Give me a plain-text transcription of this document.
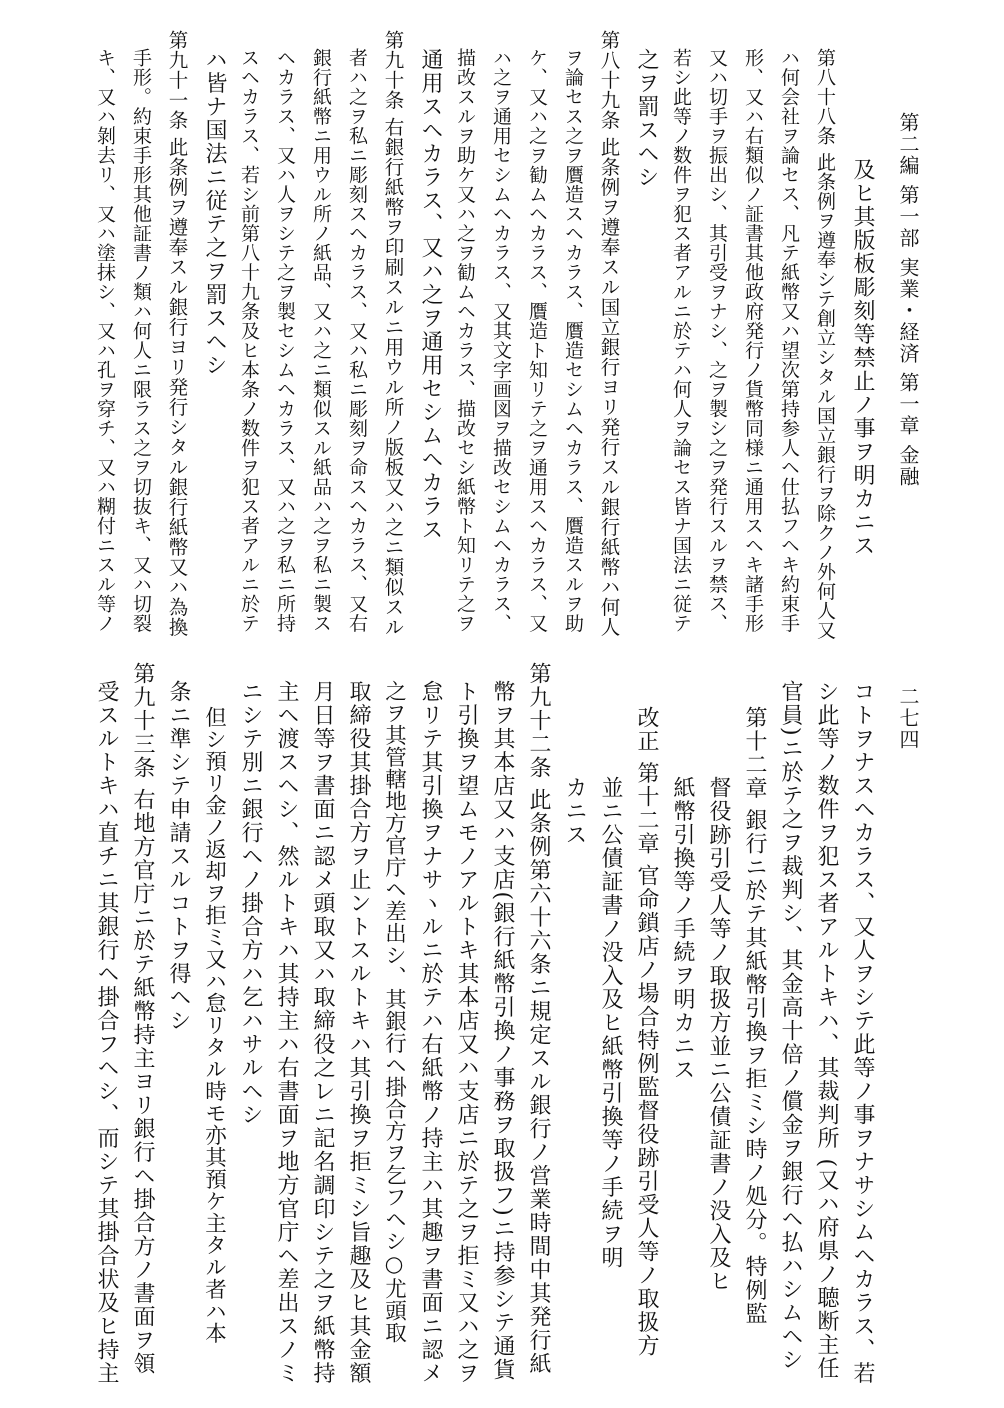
第二編 第一部 実業・経済 第一章 金融
二七四
及ヒ其版板彫刻等禁止ノ事ヲ明カニス
第八十八条 此条例ヲ遵奉シテ創立シタル国立銀行ヲ除クノ外何人又
ハ何会社ヲ論セス、凡テ紙幣又ハ望次第持参人ヘ仕払フヘキ約束手
形、又ハ右類似ノ証書其他政府発行ノ貨幣同様ニ通用スヘキ諸手形
又ハ切手ヲ振出シ、其引受ヲナシ、之ヲ製シ之ヲ発行スルヲ禁ス、
若シ此等ノ数件ヲ犯ス者アルニ於テハ何人ヲ論セス皆ナ国法ニ従テ
之ヲ罰スヘシ
第八十九条 此条例ヲ遵奉スル国立銀行ヨリ発行スル銀行紙幣ハ何人
ヲ論セス之ヲ贋造スヘカラス、贋造セシムヘカラス、贋造スルヲ助
ケ、又ハ之ヲ勧ムヘカラス、贋造ト知リテ之ヲ通用スヘカラス、又
ハ之ヲ通用セシムヘカラス、又其文字画図ヲ描改セシムヘカラス、
描改スルヲ助ケ又ハ之ヲ勧ムヘカラス、描改セシ紙幣ト知リテ之ヲ
通用スヘカラス、又ハ之ヲ通用セシムヘカラス
第九十条 右銀行紙幣ヲ印刷スルニ用ウル所ノ版板又ハ之ニ類似スル
者ハ之ヲ私ニ彫刻スヘカラス、又ハ私ニ彫刻ヲ命スヘカラス、又右
銀行紙幣ニ用ウル所ノ紙品、又ハ之ニ類似スル紙品ハ之ヲ私ニ製ス
ヘカラス、又ハ人ヲシテ之ヲ製セシムヘカラス、又ハ之ヲ私ニ所持
スヘカラス、若シ前第八十九条及ヒ本条ノ数件ヲ犯ス者アルニ於テ
ハ皆ナ国法ニ従テ之ヲ罰スヘシ
第九十一条 此条例ヲ遵奉スル銀行ヨリ発行シタル銀行紙幣又ハ為換
手形。約束手形其他証書ノ類ハ何人ニ限ラス之ヲ切抜キ、又ハ切裂
キ、又ハ剝去リ、又ハ塗抹シ、又ハ孔ヲ穿チ、又ハ糊付ニスル等ノ
コトヲナスヘカラス、又人ヲシテ此等ノ事ヲナサシムヘカラス、若
シ此等ノ数件ヲ犯ス者アルトキハ、其裁判所 (又ハ府県ノ聴断主任
官員)ニ於テ之ヲ裁判シ、其金高十倍ノ償金ヲ銀行ヘ払ハシムヘシ
第十二章 銀行ニ於テ其紙幣引換ヲ拒ミシ時ノ処分。特例監
督役跡引受人等ノ取扱方並ニ公債証書ノ没入及ヒ
紙幣引換等ノ手続ヲ明カニス
改正 第十二章 官命鎖店ノ場合特例監督役跡引受人等ノ取扱方
並ニ公債証書ノ没入及ヒ紙幣引換等ノ手続ヲ明
カニス
第九十二条 此条例第六十六条ニ規定スル銀行ノ営業時間中其発行紙
幣ヲ其本店又ハ支店(銀行紙幣引換ノ事務ヲ取扱フ)ニ持参シテ通貨
ト引換ヲ望ムモノアルトキ其本店又ハ支店ニ於テ之ヲ拒ミ又ハ之ヲ
怠リテ其引換ヲナサヽルニ於テハ右紙幣ノ持主ハ其趣ヲ書面ニ認メ
之ヲ其管轄地方官庁ヘ差出シ、其銀行ヘ掛合方ヲ乞フヘシ○尤頭取
取締役其掛合方ヲ止ントスルトキハ其引換ヲ拒ミシ旨趣及ヒ其金額
月日等ヲ書面ニ認メ頭取又ハ取締役之レニ記名調印シテ之ヲ紙幣持
主ヘ渡スヘシ、然ルトキハ其持主ハ右書面ヲ地方官庁ヘ差出スノミ
ニシテ別ニ銀行ヘノ掛合方ハ乞ハサルヘシ
但シ預リ金ノ返却ヲ拒ミ又ハ怠リタル時モ亦其預ケ主タル者ハ本
条ニ準シテ申請スルコトヲ得ヘシ
第九十三条 右地方官庁ニ於テ紙幣持主ヨリ銀行ヘ掛合方ノ書面ヲ領
受スルトキハ直チニ其銀行ヘ掛合フヘシ、而シテ其掛合状及ヒ持主
